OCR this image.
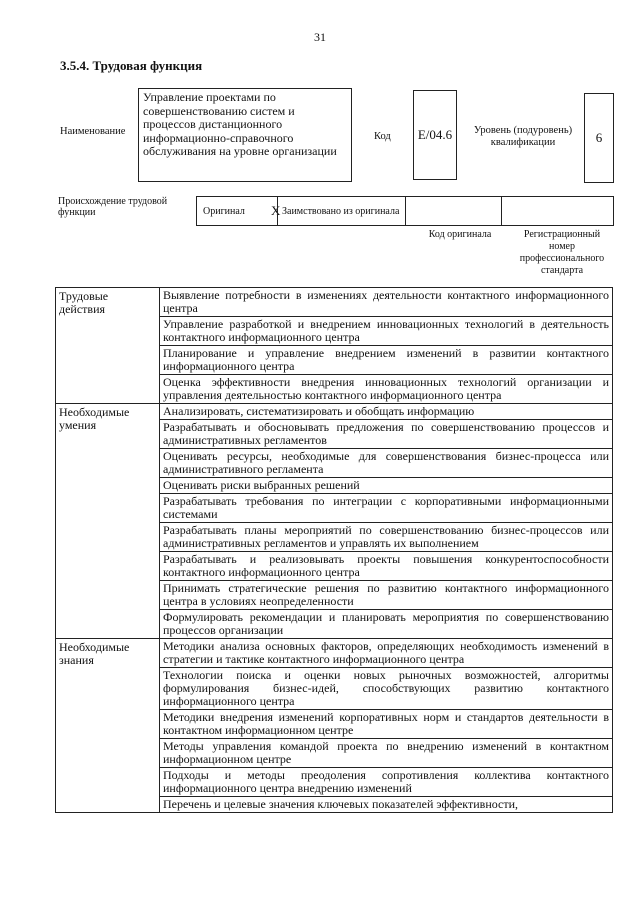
31
3.5.4. Трудовая функция
Наименование
Управление проектами по совершенствованию систем и процессов дистанционного информационно-справочного обслуживания на уровне организации
Код	E/04.6	Уровень (подуровень) квалификации	6
Происхождение трудовой функции	Оригинал	X Заимствовано из оригинала
Код оригинала	Регистрационный номер профессионального стандарта
Трудовые действия	Выявление потребности в изменениях деятельности контактного информационного центра
	Управление разработкой и внедрением инновационных технологий в деятельность контактного информационного центра
	Планирование и управление внедрением изменений в развитии контактного информационного центра
	Оценка эффективности внедрения инновационных технологий организации и управления деятельностью контактного информационного центра
Необходимые умения	Анализировать, систематизировать и обобщать информацию
	Разрабатывать и обосновывать предложения по совершенствованию процессов и административных регламентов
	Оценивать ресурсы, необходимые для совершенствования бизнес-процесса или административного регламента
	Оценивать риски выбранных решений
	Разрабатывать требования по интеграции с корпоративными информационными системами
	Разрабатывать планы мероприятий по совершенствованию бизнес-процессов или административных регламентов и управлять их выполнением
	Разрабатывать и реализовывать проекты повышения конкурентоспособности контактного информационного центра
	Принимать стратегические решения по развитию контактного информационного центра в условиях неопределенности
	Формулировать рекомендации и планировать мероприятия по совершенствованию процессов организации
Необходимые знания	Методики анализа основных факторов, определяющих необходимость изменений в стратегии и тактике контактного информационного центра
	Технологии поиска и оценки новых рыночных возможностей, алгоритмы формулирования бизнес-идей, способствующих развитию контактного информационного центра
	Методики внедрения изменений корпоративных норм и стандартов деятельности в контактном информационном центре
	Методы управления командой проекта по внедрению изменений в контактном информационном центре
	Подходы и методы преодоления сопротивления коллектива контактного информационного центра внедрению изменений
	Перечень и целевые значения ключевых показателей эффективности,
